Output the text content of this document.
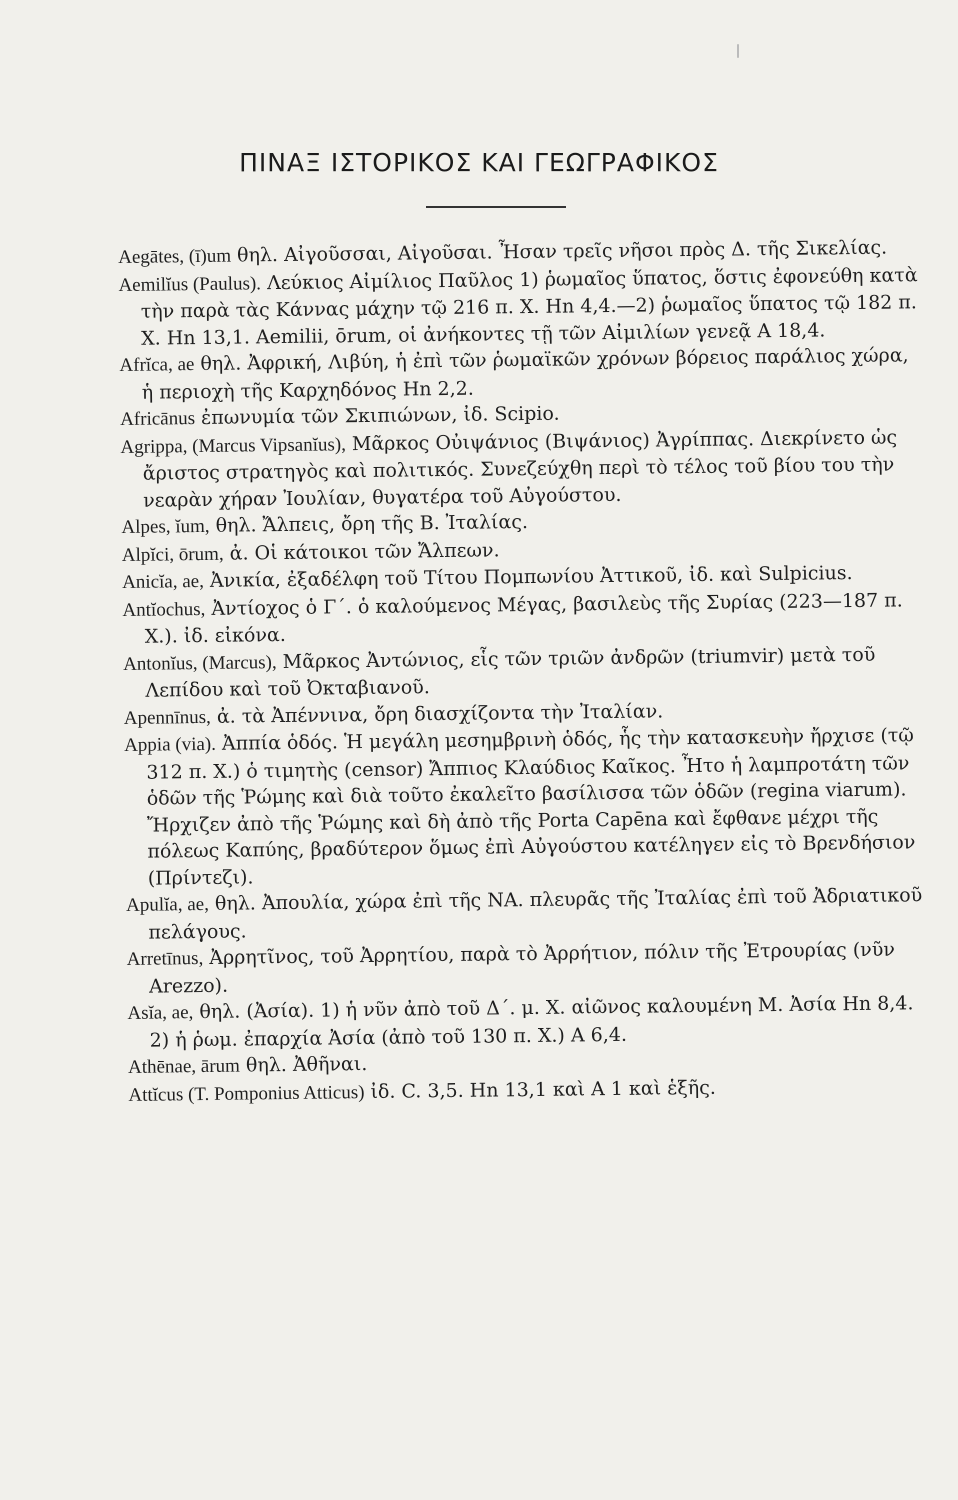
ΠΙΝΑΞ ΙΣΤΟΡΙΚΟΣ ΚΑΙ ΓΕΩΓΡΑΦΙΚΟΣ
Aegātes, (ī)um θηλ. Αἰγοῦσσαι, Αἰγοῦσαι. Ἦσαν τρεῖς νῆσοι πρὸς Δ. τῆς Σικελίας.
Aemilĭus (Paulus). Λεύκιος Αἰμίλιος Παῦλος 1) ῥωμαῖος ὕπατος, ὅστις ἐφονεύθη κατὰ τὴν παρὰ τὰς Κάννας μάχην τῷ 216 π. Χ. Ηn 4,4.—2) ῥωμαῖος ὕπατος τῷ 182 π. Χ. Ηn 13,1. Aemilii, ōrum, οἱ ἀνήκοντες τῇ τῶν Αἰμιλίων γενεᾷ Α 18,4.
Afrĭca, ae θηλ. Ἀφρική, Λιβύη, ἡ ἐπὶ τῶν ῥωμαϊκῶν χρόνων βόρειος παράλιος χώρα, ἡ περιοχὴ τῆς Καρχηδόνος Ηn 2,2.
Africānus ἐπωνυμία τῶν Σκιπιώνων, ἰδ. Scipio.
Agrippa, (Marcus Vipsanĭus), Μᾶρκος Οὐιψάνιος (Βιψάνιος) Ἀγρίππας. Διεκρίνετο ὡς ἄριστος στρατηγὸς καὶ πολιτικός. Συνεζεύχθη περὶ τὸ τέλος τοῦ βίου του τὴν νεαρὰν χήραν Ἰουλίαν, θυγατέρα τοῦ Αὐγούστου.
Alpes, ĭum, θηλ. Ἄλπεις, ὄρη τῆς Β. Ἰταλίας.
Alpĭci, ōrum, ἀ. Οἱ κάτοικοι τῶν Ἄλπεων.
Anicĭa, ae, Ἀνικία, ἐξαδέλφη τοῦ Τίτου Πομπωνίου Ἀττικοῦ, ἰδ. καὶ Sulpicius.
Antĭochus, Ἀντίοχος ὁ Γ΄. ὁ καλούμενος Μέγας, βασιλεὺς τῆς Συρίας (223—187 π. Χ.). ἰδ. εἰκόνα.
Antonĭus, (Marcus), Μᾶρκος Ἀντώνιος, εἷς τῶν τριῶν ἀνδρῶν (triumvir) μετὰ τοῦ Λεπίδου καὶ τοῦ Ὀκταβιανοῦ.
Apennīnus, ἀ. τὰ Ἀπέννινα, ὄρη διασχίζοντα τὴν Ἰταλίαν.
Appia (via). Ἀππία ὁδός. Ἡ μεγάλη μεσημβρινὴ ὁδός, ἧς τὴν κατασκευὴν ἤρχισε (τῷ 312 π. Χ.) ὁ τιμητὴς (censor) Ἄππιος Κλαύδιος Καῖκος. Ἦτο ἡ λαμπροτάτη τῶν ὁδῶν τῆς Ῥώμης καὶ διὰ τοῦτο ἐκαλεῖτο βασίλισσα τῶν ὁδῶν (regina viarum). Ἤρχιζεν ἀπὸ τῆς Ῥώμης καὶ δὴ ἀπὸ τῆς Porta Capēna καὶ ἔφθανε μέχρι τῆς πόλεως Καπύης, βραδύτερον ὅμως ἐπὶ Αὐγούστου κατέληγεν εἰς τὸ Βρενδήσιον (Πρίντεζι).
Apulĭa, ae, θηλ. Ἀπουλία, χώρα ἐπὶ τῆς ΝΑ. πλευρᾶς τῆς Ἰταλίας ἐπὶ τοῦ Ἀδριατικοῦ πελάγους.
Arretīnus, Ἀρρητῖνος, τοῦ Ἀρρητίου, παρὰ τὸ Ἀρρήτιον, πόλιν τῆς Ἐτρουρίας (νῦν Arezzo).
Asĭa, ae, θηλ. (Ἀσία). 1) ἡ νῦν ἀπὸ τοῦ Δ΄. μ. Χ. αἰῶνος καλουμένη Μ. Ἀσία Ηn 8,4. 2) ἡ ῥωμ. ἐπαρχία Ἀσία (ἀπὸ τοῦ 130 π. Χ.) Α 6,4.
Athēnae, ārum θηλ. Ἀθῆναι.
Attĭcus (T. Pomponius Atticus) ἰδ. C. 3,5. Ηn 13,1 καὶ Α 1 καὶ ἑξῆς.
